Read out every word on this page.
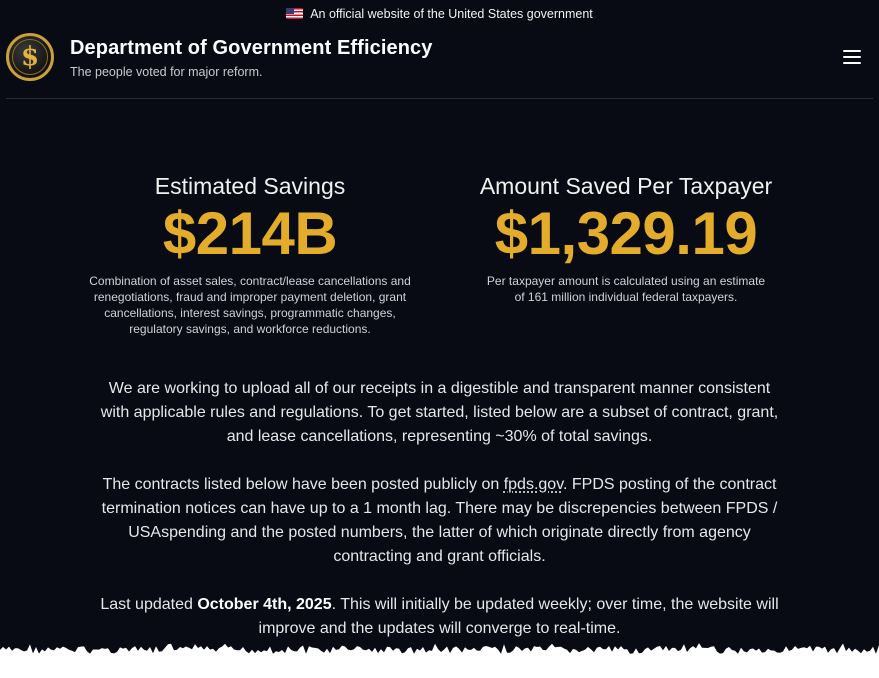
An official website of the United States government
$	Department of Government Efficiency
The people voted for major reform.
Estimated Savings
$214B
Combination of asset sales, contract/lease cancellations and renegotiations, fraud and improper payment deletion, grant cancellations, interest savings, programmatic changes, regulatory savings, and workforce reductions.
Amount Saved Per Taxpayer
$1,329.19
Per taxpayer amount is calculated using an estimate of 161 million individual federal taxpayers.

We are working to upload all of our receipts in a digestible and transparent manner consistent with applicable rules and regulations. To get started, listed below are a subset of contract, grant, and lease cancellations, representing ~30% of total savings.

The contracts listed below have been posted publicly on fpds.gov. FPDS posting of the contract termination notices can have up to a 1 month lag. There may be discrepencies between FPDS / USAspending and the posted numbers, the latter of which originate directly from agency contracting and grant officials.

Last updated October 4th, 2025. This will initially be updated weekly; over time, the website will improve and the updates will converge to real-time.
